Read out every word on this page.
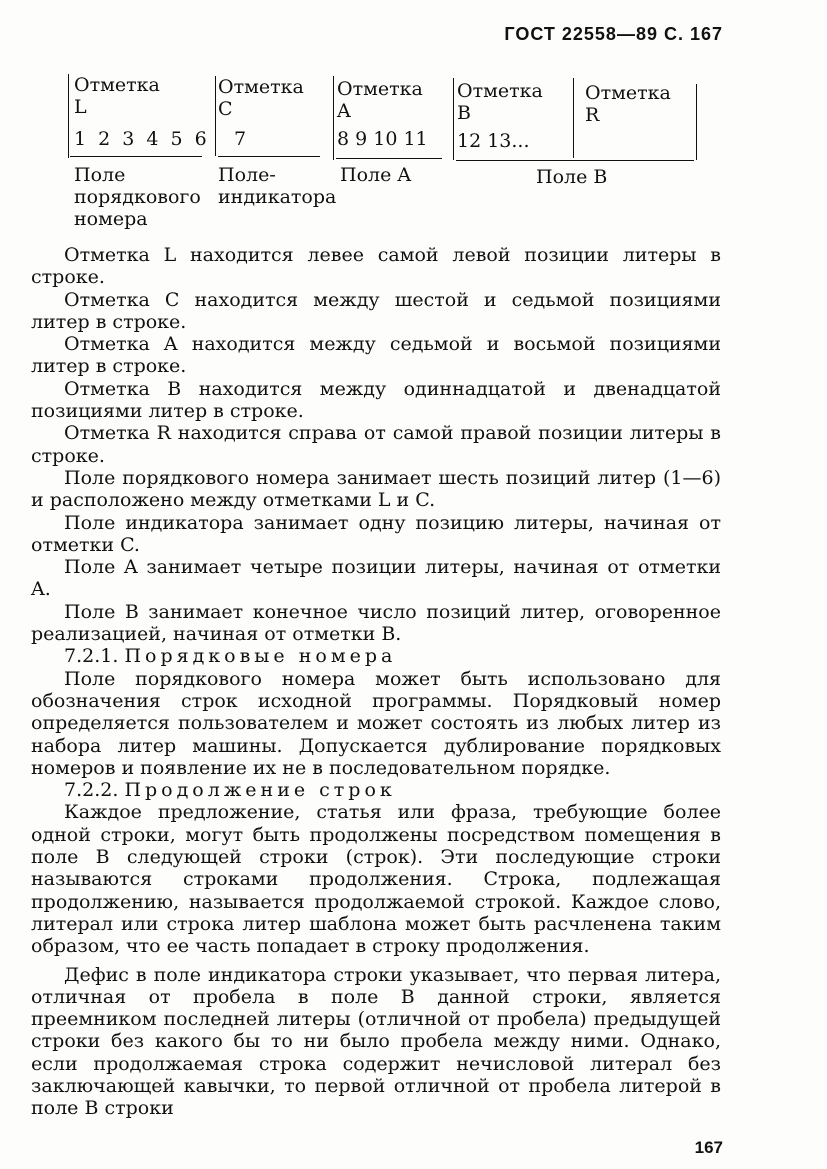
ГОСТ 22558—89 С. 167
Отметка
L
Отметка
C
Отметка
A
Отметка
B
Отметка
R
1 2 3 4 5 6 7	8 9 10 11 12 13...
Поле порядкового номера
Поле-индикатора
Поле A	Поле B

Отметка L находится левее самой левой позиции литеры в строке.

Отметка C находится между шестой и седьмой позициями литер в строке.

Отметка A находится между седьмой и восьмой позициями литер в строке.

Отметка B находится между одиннадцатой и двенадцатой позициями литер в строке.

Отметка R находится справа от самой правой позиции литеры в строке.

Поле порядкового номера занимает шесть позиций литер (1—6) и расположено между отметками L и C.

Поле индикатора занимает одну позицию литеры, начиная от отметки C.

Поле A занимает четыре позиции литеры, начиная от отметки A.

Поле B занимает конечное число позиций литер, оговоренное реализацией, начиная от отметки B.

7.2.1. Порядковые номера

Поле порядкового номера может быть использовано для обозначения строк исходной программы. Порядковый номер определяется пользователем и может состоять из любых литер из набора литер машины. Допускается дублирование порядковых номеров и появление их не в последовательном порядке.

7.2.2. Продолжение строк

Каждое предложение, статья или фраза, требующие более одной строки, могут быть продолжены посредством помещения в поле B следующей строки (строк). Эти последующие строки называются строками продолжения. Строка, подлежащая продолжению, называется продолжаемой строкой. Каждое слово, литерал или строка литер шаблона может быть расчленена таким образом, что ее часть попадает в строку продолжения.

Дефис в поле индикатора строки указывает, что первая литера, отличная от пробела в поле B данной строки, является преемником последней литеры (отличной от пробела) предыдущей строки без какого бы то ни было пробела между ними. Однако, если продолжаемая строка содержит нечисловой литерал без заключающей кавычки, то первой отличной от пробела литерой в поле B строки

167
